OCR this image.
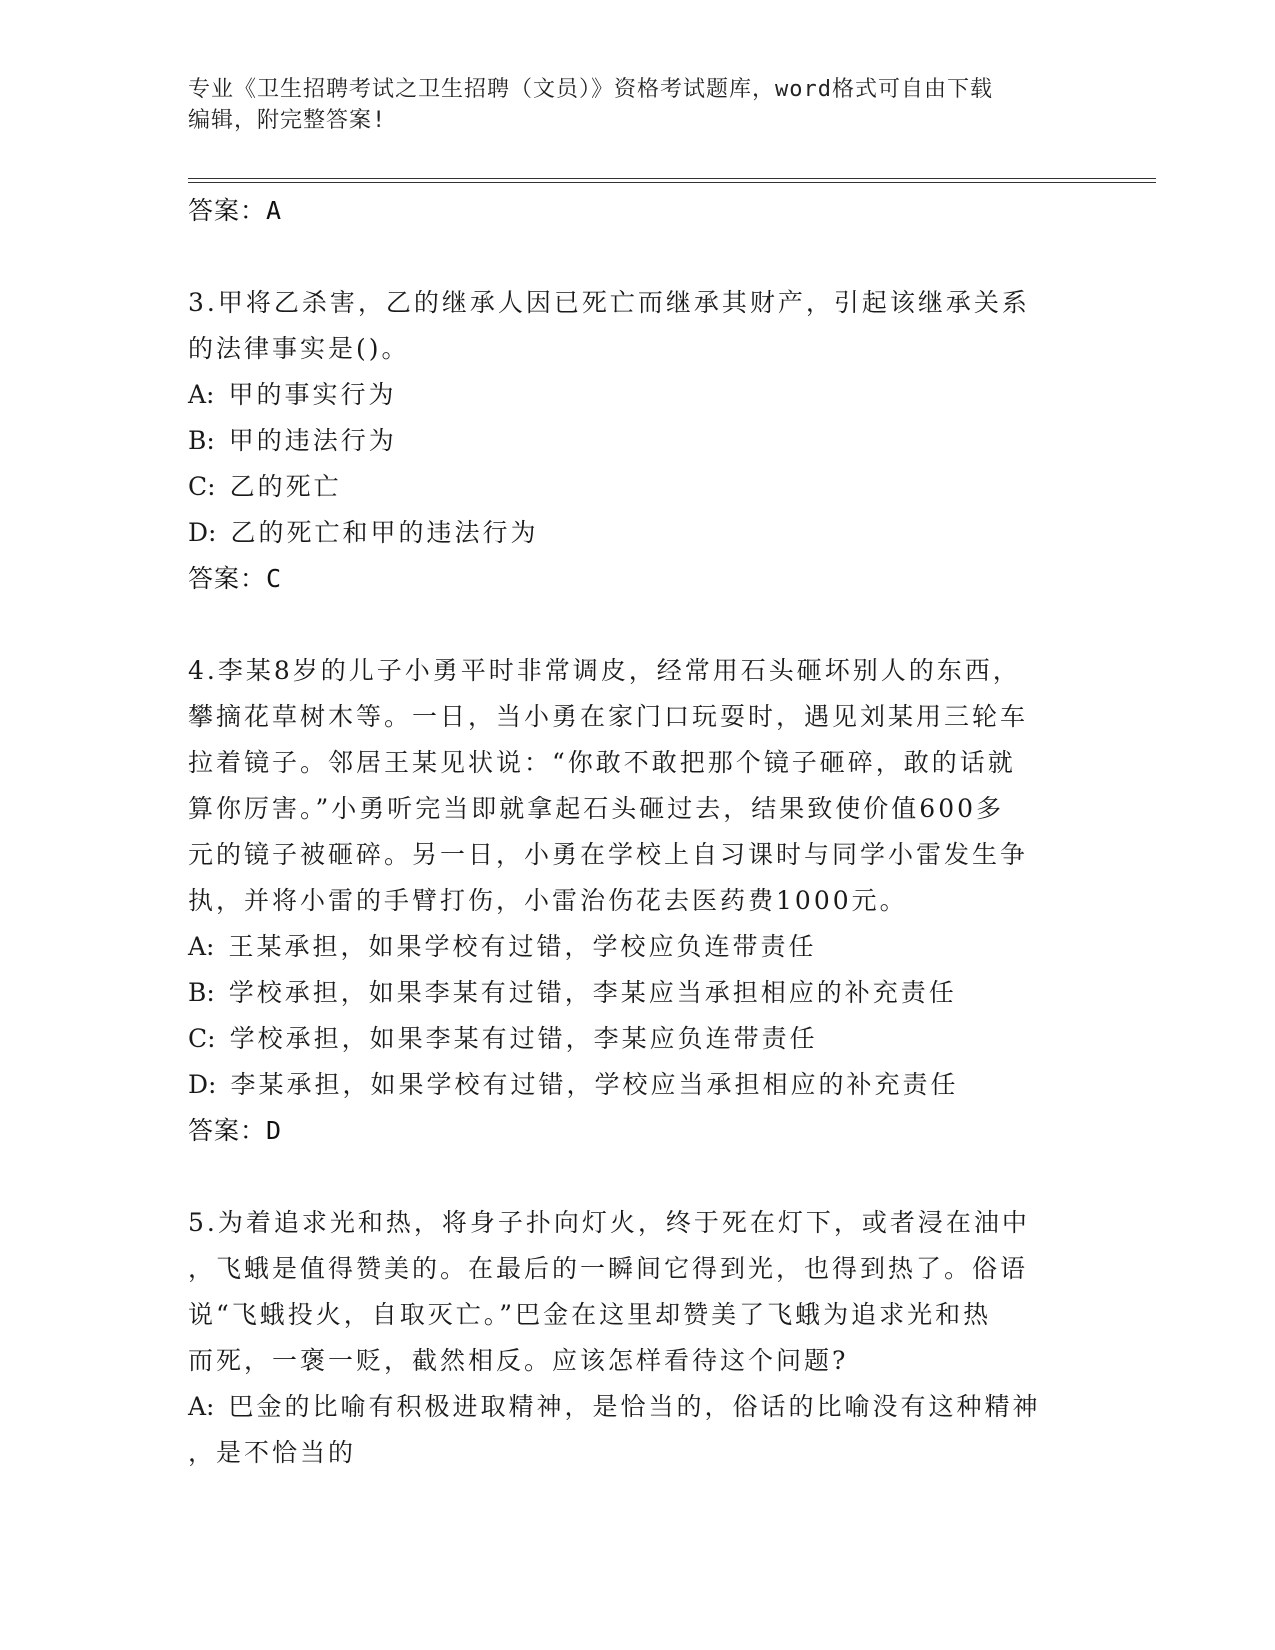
专业《卫生招聘考试之卫生招聘（文员）》资格考试题库，word格式可自由下载
编辑，附完整答案!

答案：A

3.甲将乙杀害，乙的继承人因已死亡而继承其财产，引起该继承关系

的法律事实是()。

A: 甲的事实行为

B: 甲的违法行为

C: 乙的死亡

D: 乙的死亡和甲的违法行为

答案：C

4.李某8岁的儿子小勇平时非常调皮，经常用石头砸坏别人的东西，

攀摘花草树木等。一日，当小勇在家门口玩耍时，遇见刘某用三轮车

拉着镜子。邻居王某见状说：“你敢不敢把那个镜子砸碎，敢的话就

算你厉害。”小勇听完当即就拿起石头砸过去，结果致使价值600多

元的镜子被砸碎。另一日，小勇在学校上自习课时与同学小雷发生争

执，并将小雷的手臂打伤，小雷治伤花去医药费1000元。

A: 王某承担，如果学校有过错，学校应负连带责任

B: 学校承担，如果李某有过错，李某应当承担相应的补充责任

C: 学校承担，如果李某有过错，李某应负连带责任

D: 李某承担，如果学校有过错，学校应当承担相应的补充责任

答案：D

5.为着追求光和热，将身子扑向灯火，终于死在灯下，或者浸在油中

，飞蛾是值得赞美的。在最后的一瞬间它得到光，也得到热了。俗语

说“飞蛾投火，自取灭亡。”巴金在这里却赞美了飞蛾为追求光和热

而死，一褒一贬，截然相反。应该怎样看待这个问题?

A: 巴金的比喻有积极进取精神，是恰当的，俗话的比喻没有这种精神

，是不恰当的
